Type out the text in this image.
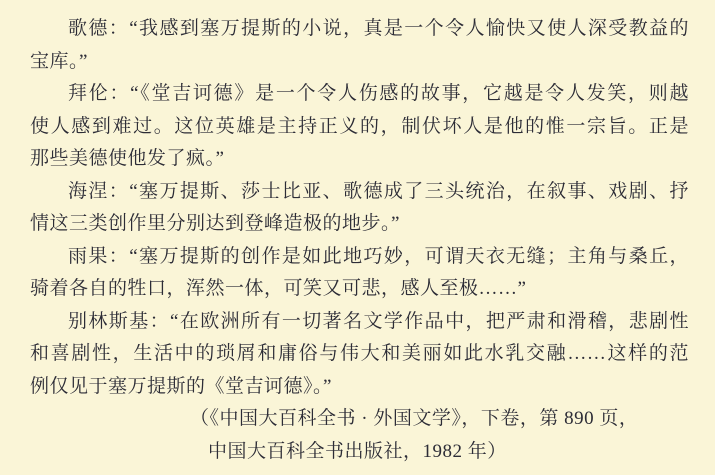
歌德：“我感到塞万提斯的小说，真是一个令人愉快又使人深受教益的
宝库。”
拜伦：“《堂吉诃德》是一个令人伤感的故事，它越是令人发笑，则越
使人感到难过。这位英雄是主持正义的，制伏坏人是他的惟一宗旨。正是
那些美德使他发了疯。”
海涅：“塞万提斯、莎士比亚、歌德成了三头统治，在叙事、戏剧、抒
情这三类创作里分别达到登峰造极的地步。”
雨果：“塞万提斯的创作是如此地巧妙，可谓天衣无缝；主角与桑丘，
骑着各自的牲口，浑然一体，可笑又可悲，感人至极……”
别林斯基：“在欧洲所有一切著名文学作品中，把严肃和滑稽，悲剧性
和喜剧性，生活中的琐屑和庸俗与伟大和美丽如此水乳交融……这样的范
例仅见于塞万提斯的《堂吉诃德》。”
（《中国大百科全书 · 外国文学》，下卷，第 890 页，
中国大百科全书出版社，1982 年）
